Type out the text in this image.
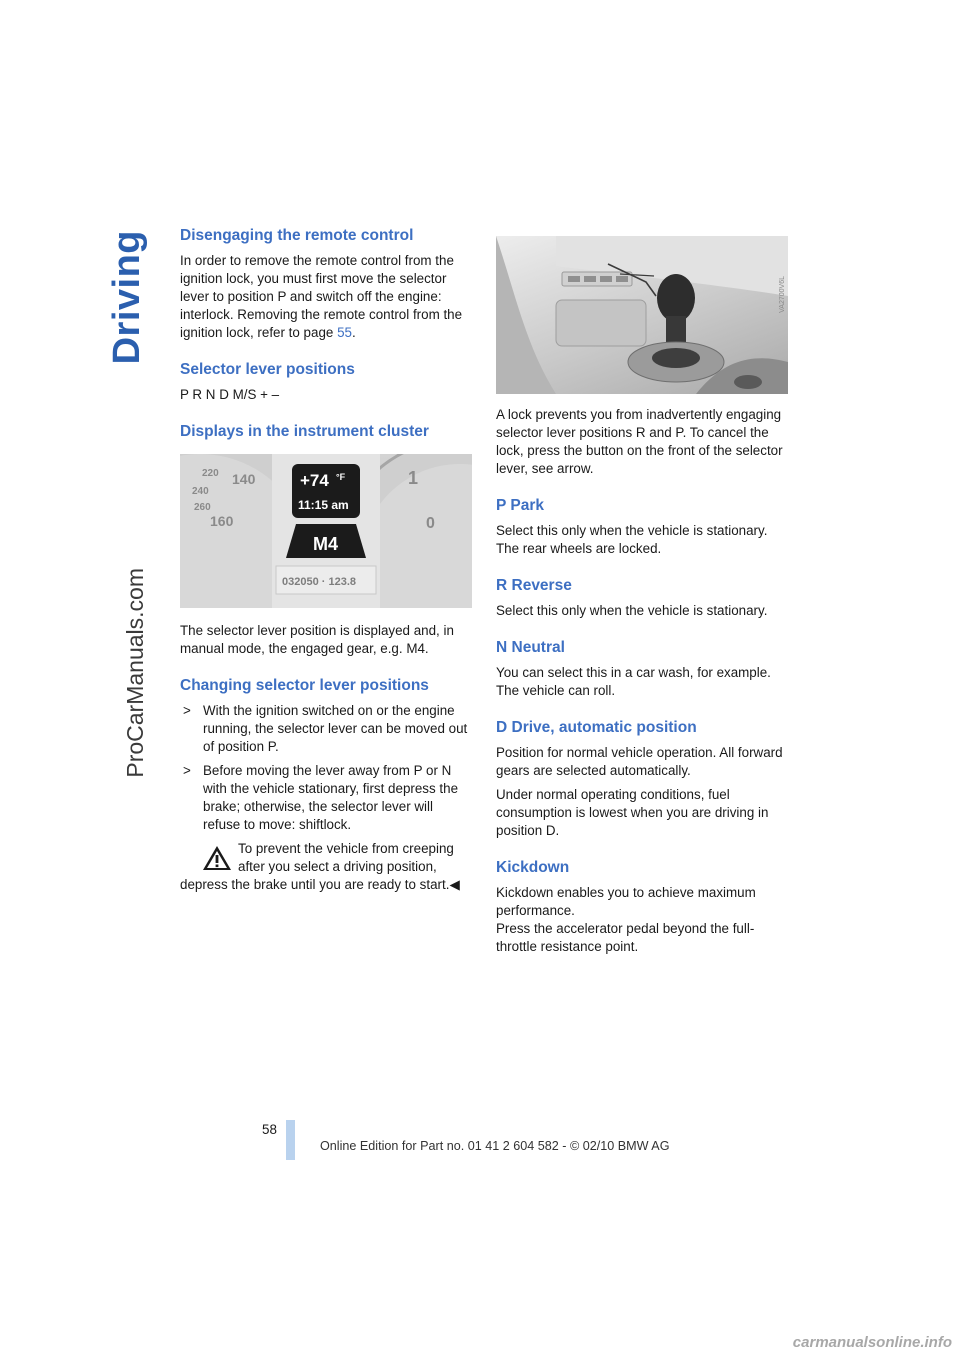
Driving
ProCarManuals.com
Disengaging the remote control

In order to remove the remote control from the ignition lock, you must first move the selector lever to position P and switch off the engine: interlock. Removing the remote control from the ignition lock, refer to page 55.

Selector lever positions

P R N D M/S + –

Displays in the instrument cluster
220 140
240
260
160
1
0
+74 °F
11:15 am
M4
032050 · 123.8

The selector lever position is displayed and, in manual mode, the engaged gear, e.g. M4.

Changing selector lever positions
> With the ignition switched on or the engine running, the selector lever can be moved out of position P.
> Before moving the lever away from P or N with the vehicle stationary, first depress the brake; otherwise, the selector lever will refuse to move: shiftlock.
To prevent the vehicle from creeping
after you select a driving position,
depress the brake until you are ready to start.◀
VA2700V6L

A lock prevents you from inadvertently engaging selector lever positions R and P. To cancel the lock, press the button on the front of the selector lever, see arrow.

P Park

Select this only when the vehicle is stationary. The rear wheels are locked.

R Reverse

Select this only when the vehicle is stationary.

N Neutral

You can select this in a car wash, for example. The vehicle can roll.

D Drive, automatic position

Position for normal vehicle operation. All forward gears are selected automatically.

Under normal operating conditions, fuel consumption is lowest when you are driving in position D.

Kickdown

Kickdown enables you to achieve maximum performance.

Press the accelerator pedal beyond the full-throttle resistance point.

58
Online Edition for Part no. 01 41 2 604 582 - © 02/10 BMW AG
carmanualsonline.info
